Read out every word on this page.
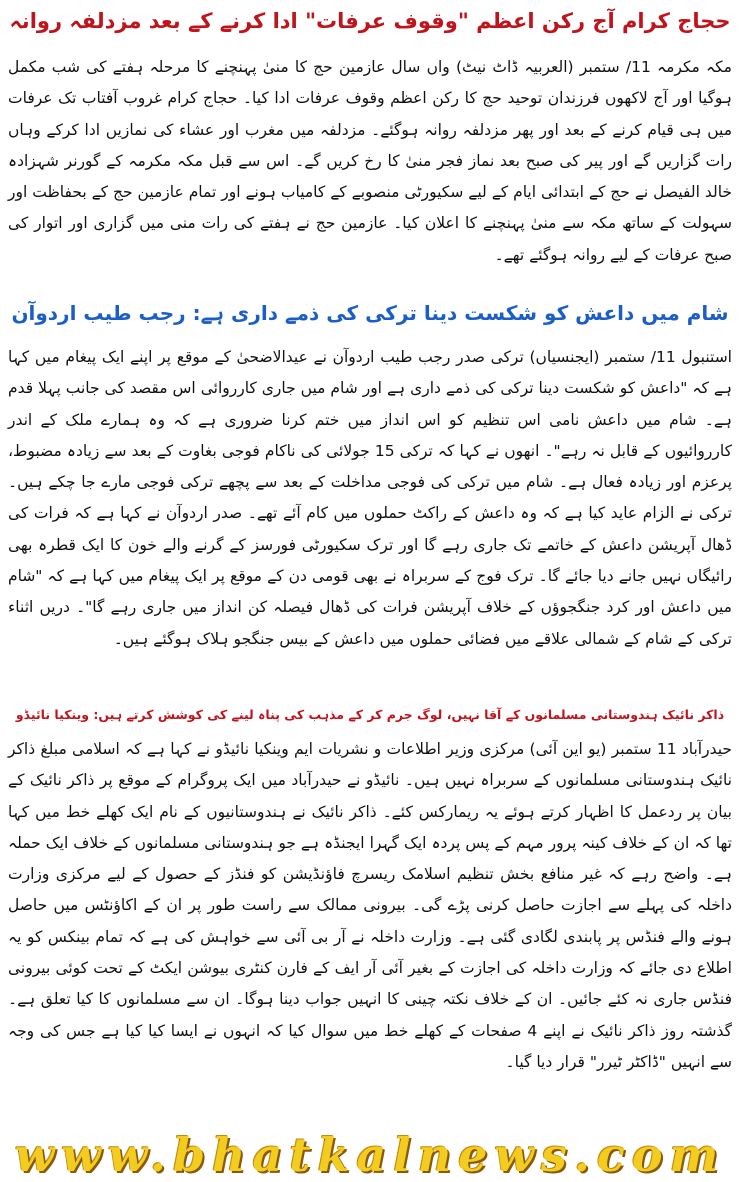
حجاج کرام آج رکن اعظم "وقوف عرفات" ادا کرنے کے بعد مزدلفہ روانہ
مکہ مکرمہ 11/ ستمبر (العربیہ ڈاٹ نیٹ) واں سال عازمین حج کا منیٰ پہنچنے کا مرحلہ ہفتے کی شب مکمل ہوگیا اور آج لاکھوں فرزندان توحید حج کا رکن اعظم وقوف عرفات ادا کیا۔ حجاج کرام غروب آفتاب تک عرفات میں ہی قیام کرنے کے بعد اور پھر مزدلفہ روانہ ہوگئے۔ مزدلفہ میں مغرب اور عشاء کی نمازیں ادا کرکے وہاں رات گزاریں گے اور پیر کی صبح بعد نماز فجر منیٰ کا رخ کریں گے۔ اس سے قبل مکہ مکرمہ کے گورنر شہزادہ خالد الفیصل نے حج کے ابتدائی ایام کے لیے سکیورٹی منصوبے کے کامیاب ہونے اور تمام عازمین حج کے بحفاظت اور سہولت کے ساتھ مکہ سے منیٰ پہنچنے کا اعلان کیا۔ عازمین حج نے ہفتے کی رات منی میں گزاری اور اتوار کی صبح عرفات کے لیے روانہ ہوگئے تھے۔
شام میں داعش کو شکست دینا ترکی کی ذمے داری ہے: رجب طیب اردوآن
استنبول 11/ ستمبر (ایجنسیاں) ترکی صدر رجب طیب اردوآن نے عیدالاضحیٰ کے موقع پر اپنے ایک پیغام میں کہا ہے کہ "داعش کو شکست دینا ترکی کی ذمے داری ہے اور شام میں جاری کارروائی اس مقصد کی جانب پہلا قدم ہے۔ شام میں داعش نامی اس تنظیم کو اس انداز میں ختم کرنا ضروری ہے کہ وہ ہمارے ملک کے اندر کارروائیوں کے قابل نہ رہے"۔ انھوں نے کہا کہ ترکی 15 جولائی کی ناکام فوجی بغاوت کے بعد سے زیادہ مضبوط، پرعزم اور زیادہ فعال ہے۔ شام میں ترکی کی فوجی مداخلت کے بعد سے پچھے ترکی فوجی مارے جا چکے ہیں۔ ترکی نے الزام عاید کیا ہے کہ وہ داعش کے راکٹ حملوں میں کام آئے تھے۔ صدر اردوآن نے کہا ہے کہ فرات کی ڈھال آپریشن داعش کے خاتمے تک جاری رہے گا اور ترک سکیورٹی فورسز کے گرنے والے خون کا ایک قطرہ بھی رائیگاں نہیں جانے دیا جائے گا۔ ترک فوج کے سربراہ نے بھی قومی دن کے موقع پر ایک پیغام میں کہا ہے کہ "شام میں داعش اور کرد جنگجوؤں کے خلاف آپریشن فرات کی ڈھال فیصلہ کن انداز میں جاری رہے گا"۔ دریں اثناء ترکی کے شام کے شمالی علاقے میں فضائی حملوں میں داعش کے بیس جنگجو ہلاک ہوگئے ہیں۔
ذاکر نائیک ہندوستانی مسلمانوں کے آقا نہیں، لوگ جرم کر کے مذہب کی پناہ لینے کی کوشش کرتے ہیں: وینکیا نائیڈو
حیدرآباد 11 ستمبر (یو این آئی) مرکزی وزیر اطلاعات و نشریات ایم وینکیا نائیڈو نے کہا ہے کہ اسلامی مبلغ ذاکر نائیک ہندوستانی مسلمانوں کے سربراہ نہیں ہیں۔ نائیڈو نے حیدرآباد میں ایک پروگرام کے موقع پر ذاکر نائیک کے بیان پر ردعمل کا اظہار کرتے ہوئے یہ ریمارکس کئے۔ ذاکر نائیک نے ہندوستانیوں کے نام ایک کھلے خط میں کہا تھا کہ ان کے خلاف کینہ پرور مہم کے پس پردہ ایک گہرا ایجنڈہ ہے جو ہندوستانی مسلمانوں کے خلاف ایک حملہ ہے۔ واضح رہے کہ غیر منافع بخش تنظیم اسلامک ریسرچ فاؤنڈیشن کو فنڈز کے حصول کے لیے مرکزی وزارت داخلہ کی پہلے سے اجازت حاصل کرنی پڑے گی۔ بیرونی ممالک سے راست طور پر ان کے اکاؤنٹس میں حاصل ہونے والے فنڈس پر پابندی لگادی گئی ہے۔ وزارت داخلہ نے آر بی آئی سے خواہش کی ہے کہ تمام بینکس کو یہ اطلاع دی جائے کہ وزارت داخلہ کی اجازت کے بغیر آئی آر ایف کے فارن کنٹری بیوشن ایکٹ کے تحت کوئی بیرونی فنڈس جاری نہ کئے جائیں۔ ان کے خلاف نکتہ چینی کا انہیں جواب دینا ہوگا۔ ان سے مسلمانوں کا کیا تعلق ہے۔ گذشتہ روز ذاکر نائیک نے اپنے 4 صفحات کے کھلے خط میں سوال کیا کہ انہوں نے ایسا کیا کیا ہے جس کی وجہ سے انہیں "ڈاکٹر ٹیرر" قرار دیا گیا۔
www.bhatkalnews.com
